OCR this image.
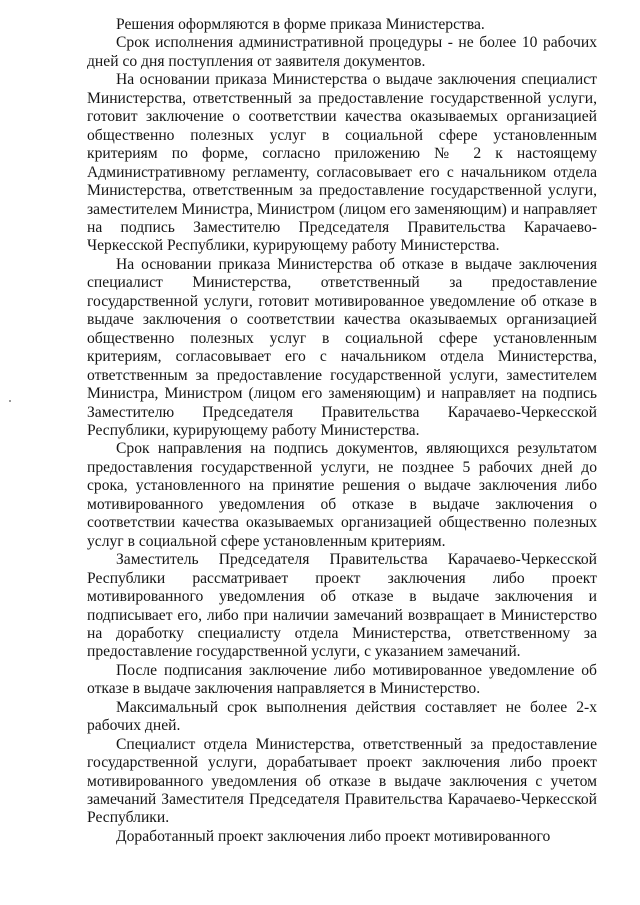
Решения оформляются в форме приказа Министерства.

Срок исполнения административной процедуры - не более 10 рабочих дней со дня поступления от заявителя документов.

На основании приказа Министерства о выдаче заключения специалист Министерства, ответственный за предоставление государственной услуги, готовит заключение о соответствии качества оказываемых организацией общественно полезных услуг в социальной сфере установленным критериям по форме, согласно приложению № 2 к настоящему Административному регламенту, согласовывает его с начальником отдела Министерства, ответственным за предоставление государственной услуги, заместителем Министра, Министром (лицом его заменяющим) и направляет на подпись Заместителю Председателя Правительства Карачаево-Черкесской Республики, курирующему работу Министерства.

На основании приказа Министерства об отказе в выдаче заключения специалист Министерства, ответственный за предоставление государственной услуги, готовит мотивированное уведомление об отказе в выдаче заключения о соответствии качества оказываемых организацией общественно полезных услуг в социальной сфере установленным критериям, согласовывает его с начальником отдела Министерства, ответственным за предоставление государственной услуги, заместителем Министра, Министром (лицом его заменяющим) и направляет на подпись Заместителю Председателя Правительства Карачаево-Черкесской Республики, курирующему работу Министерства.

Срок направления на подпись документов, являющихся результатом предоставления государственной услуги, не позднее 5 рабочих дней до срока, установленного на принятие решения о выдаче заключения либо мотивированного уведомления об отказе в выдаче заключения о соответствии качества оказываемых организацией общественно полезных услуг в социальной сфере установленным критериям.

Заместитель Председателя Правительства Карачаево-Черкесской Республики рассматривает проект заключения либо проект мотивированного уведомления об отказе в выдаче заключения и подписывает его, либо при наличии замечаний возвращает в Министерство на доработку специалисту отдела Министерства, ответственному за предоставление государственной услуги, с указанием замечаний.

После подписания заключение либо мотивированное уведомление об отказе в выдаче заключения направляется в Министерство.

Максимальный срок выполнения действия составляет не более 2-х рабочих дней.

Специалист отдела Министерства, ответственный за предоставление государственной услуги, дорабатывает проект заключения либо проект мотивированного уведомления об отказе в выдаче заключения с учетом замечаний Заместителя Председателя Правительства Карачаево-Черкесской Республики.

Доработанный проект заключения либо проект мотивированного
